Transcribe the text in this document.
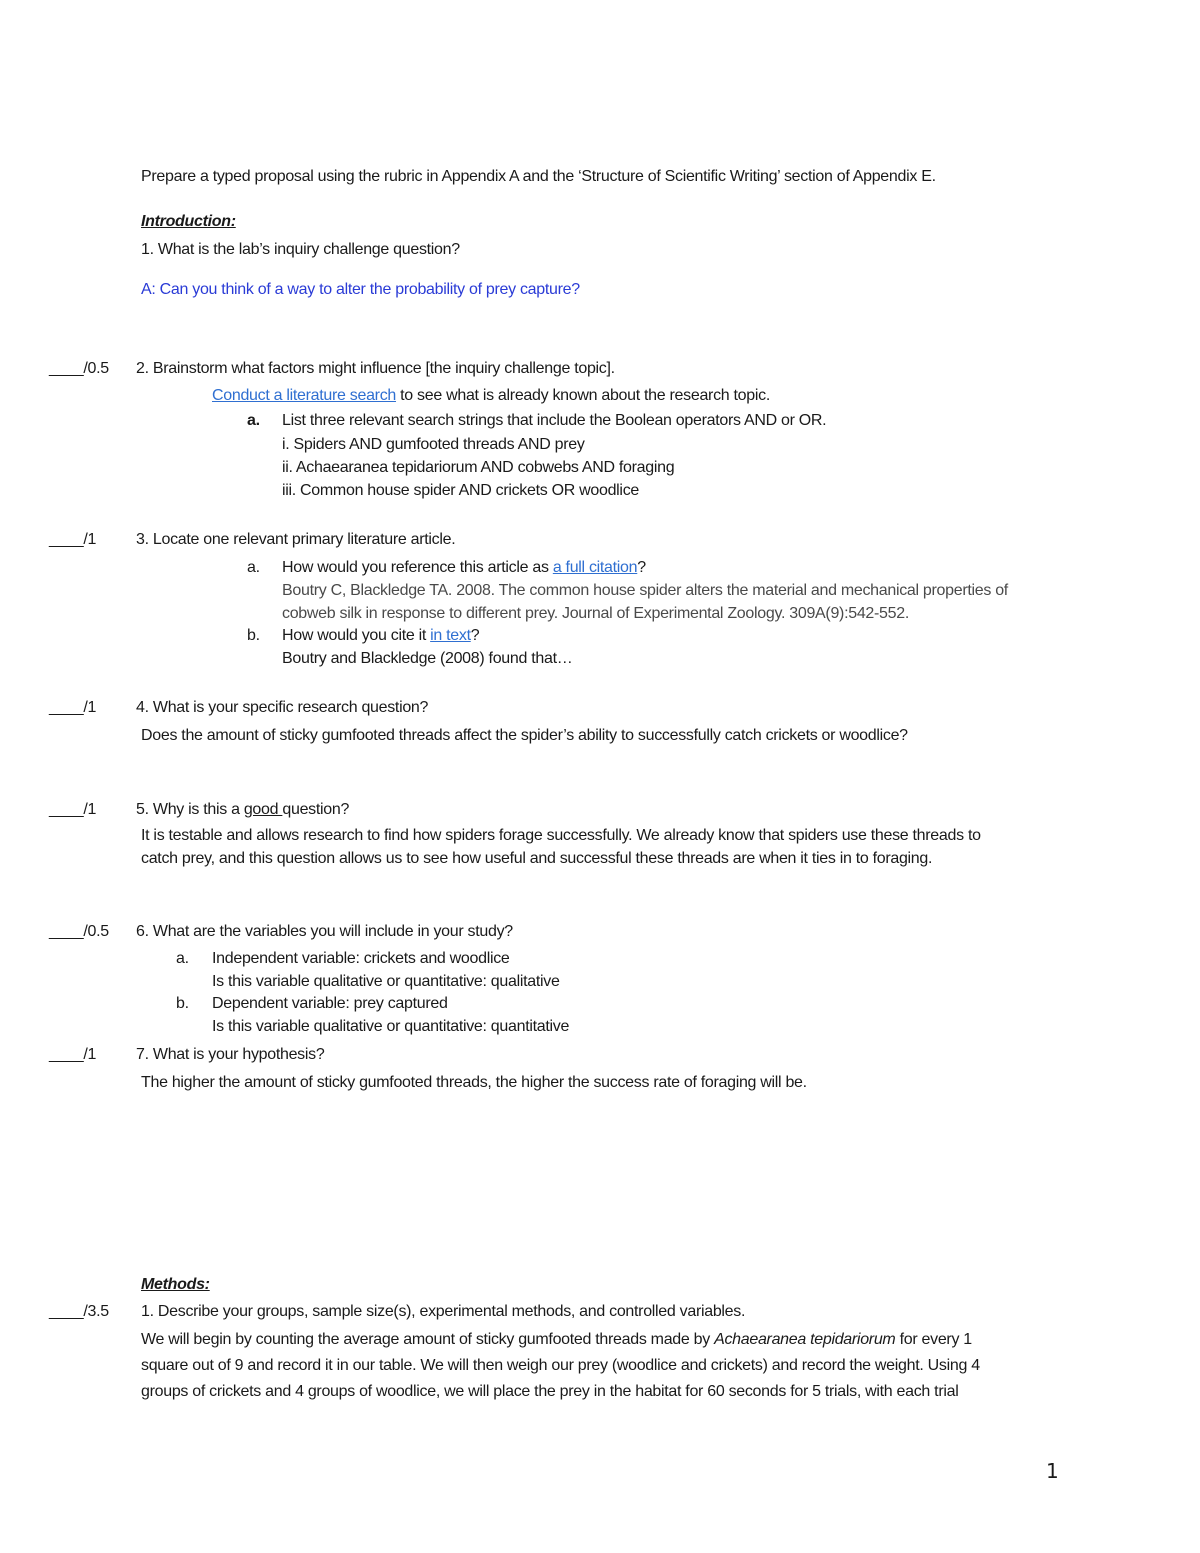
Prepare a typed proposal using the rubric in Appendix A and the ‘Structure of Scientific Writing’ section of Appendix E.
Introduction:
1. What is the lab’s inquiry challenge question?
A: Can you think of a way to alter the probability of prey capture?
____/0.5 2. Brainstorm what factors might influence [the inquiry challenge topic].
Conduct a literature search to see what is already known about the research topic.
a. List three relevant search strings that include the Boolean operators AND or OR.
i. Spiders AND gumfooted threads AND prey
ii. Achaearanea tepidariorum AND cobwebs AND foraging
iii. Common house spider AND crickets OR woodlice
____/1 3. Locate one relevant primary literature article.
a. How would you reference this article as a full citation?
Boutry C, Blackledge TA. 2008. The common house spider alters the material and mechanical properties of
cobweb silk in response to different prey. Journal of Experimental Zoology. 309A(9):542-552.
b. How would you cite it in text?
Boutry and Blackledge (2008) found that…
____/1 4. What is your specific research question?
Does the amount of sticky gumfooted threads affect the spider’s ability to successfully catch crickets or woodlice?
____/1 5. Why is this a good question?
It is testable and allows research to find how spiders forage successfully. We already know that spiders use these threads to
catch prey, and this question allows us to see how useful and successful these threads are when it ties in to foraging.
____/0.5 6. What are the variables you will include in your study?
a. Independent variable: crickets and woodlice
Is this variable qualitative or quantitative: qualitative
b. Dependent variable: prey captured
Is this variable qualitative or quantitative: quantitative
____/1 7. What is your hypothesis?
The higher the amount of sticky gumfooted threads, the higher the success rate of foraging will be.
Methods:
____/3.5 1. Describe your groups, sample size(s), experimental methods, and controlled variables.
We will begin by counting the average amount of sticky gumfooted threads made by Achaearanea tepidariorum for every 1
square out of 9 and record it in our table. We will then weigh our prey (woodlice and crickets) and record the weight. Using 4
groups of crickets and 4 groups of woodlice, we will place the prey in the habitat for 60 seconds for 5 trials, with each trial
1
